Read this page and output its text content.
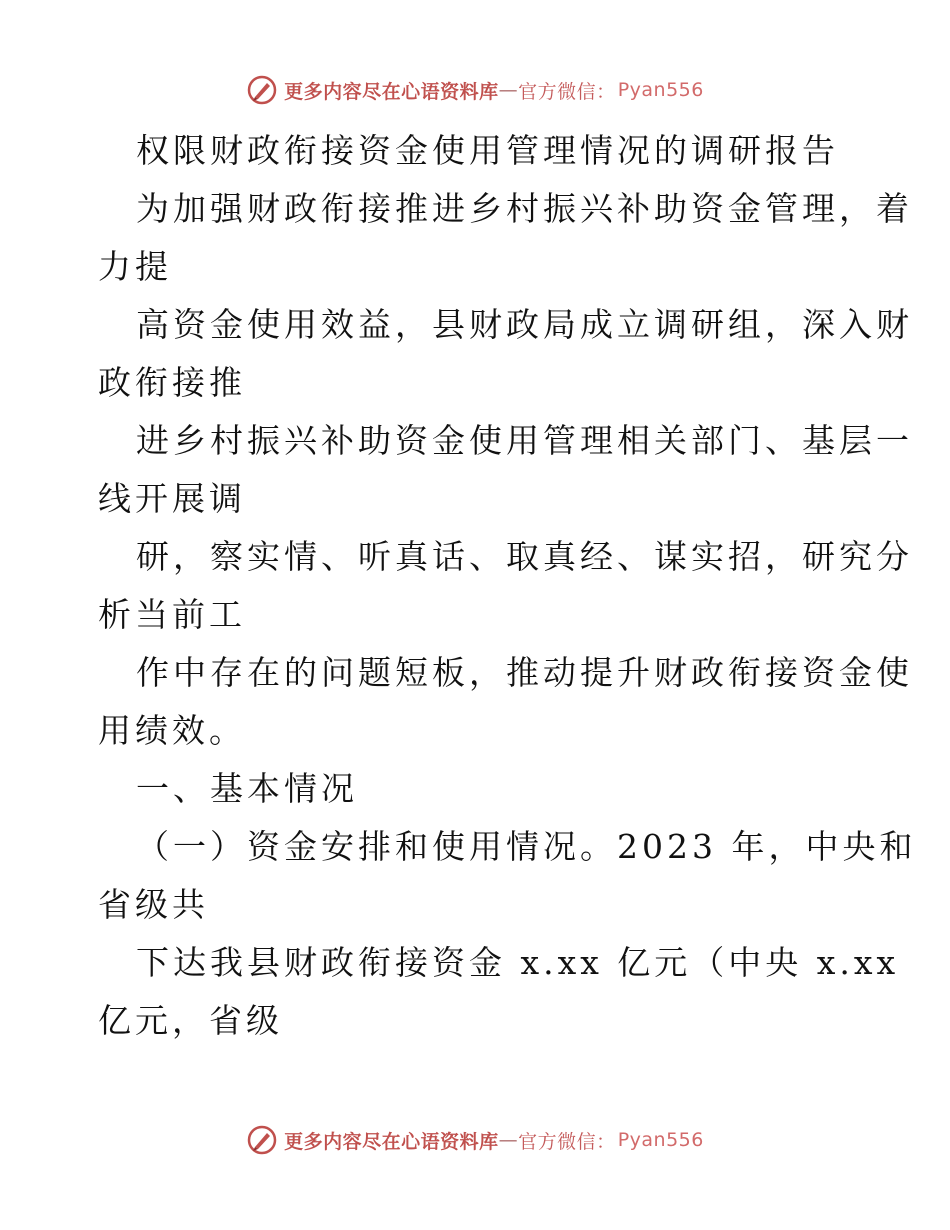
更多内容尽在心语资料库 — 官方微信： Pyan556

权限财政衔接资金使用管理情况的调研报告

为加强财政衔接推进乡村振兴补助资金管理，着

力提

高资金使用效益，县财政局成立调研组，深入财

政衔接推

进乡村振兴补助资金使用管理相关部门、基层一

线开展调

研，察实情、听真话、取真经、谋实招，研究分

析当前工

作中存在的问题短板，推动提升财政衔接资金使

用绩效。

一、基本情况

（一）资金安排和使用情况。2023 年，中央和

省级共

下达我县财政衔接资金 x.xx 亿元（中央 x.xx

亿元，省级

更多内容尽在心语资料库 — 官方微信： Pyan556
